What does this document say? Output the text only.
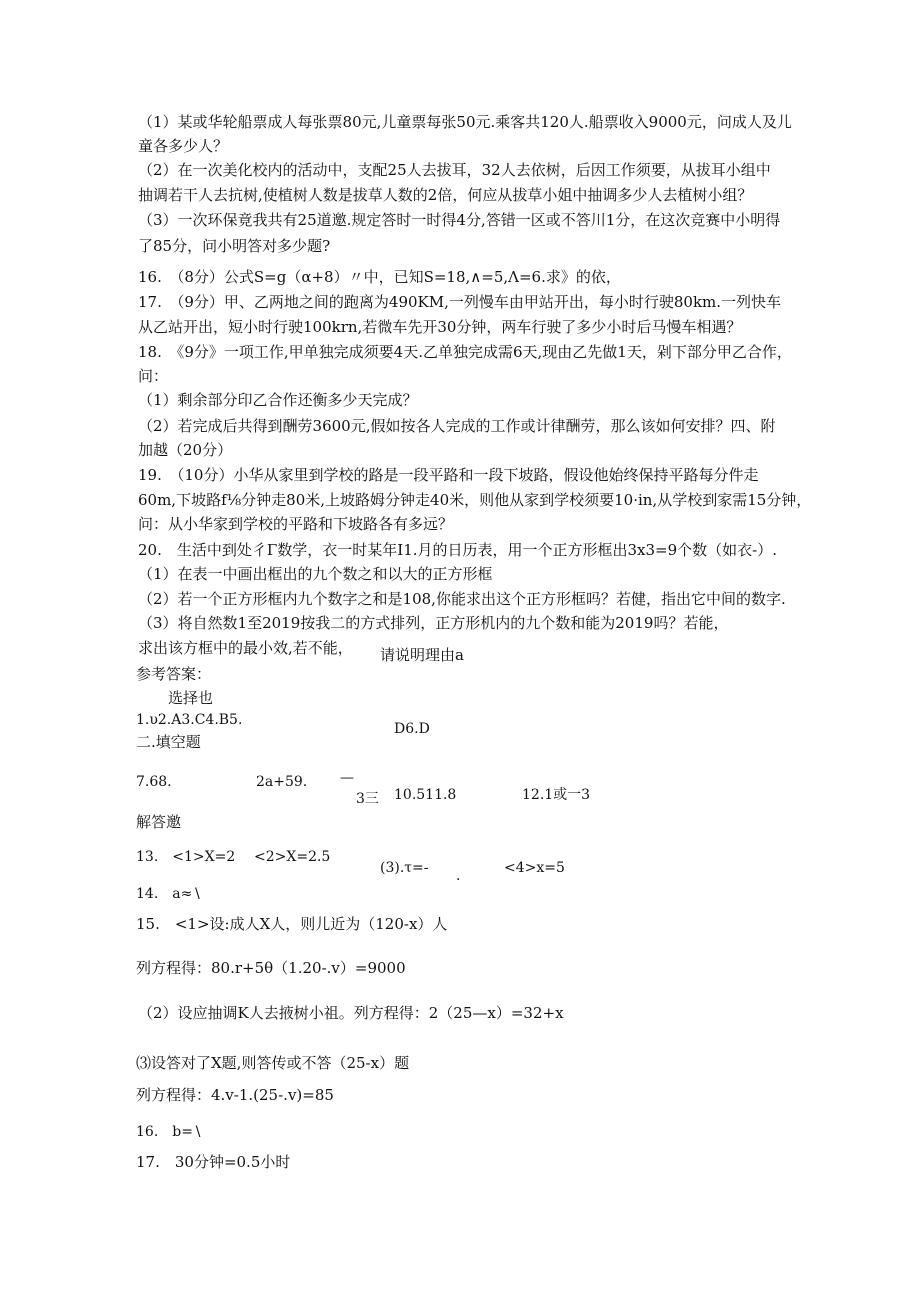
（1）某或华轮船票成人每张票80元,儿童票每张50元.乘客共120人.船票收入9000元，问成人及儿
童各多少人？
（2）在一次美化校内的活动中，支配25人去拔耳，32人去依树，后因工作须要，从拔耳小组中
抽调若干人去抗树,使植树人数是拔草人数的2倍，何应从拔草小姐中抽调多少人去植树小组？
（3）一次环保竟我共有25道邀.规定答时一时得4分,答错一区或不答川1分，在这次竞赛中小明得
了85分，问小明答对多少题?
16.　（8分）公式S=g（α+8）〃中，已知S=18,∧=5,Λ=6.求》的依，
17.　（9分）甲、乙两地之间的跑离为490KM,一列慢车由甲站开出，每小时行驶80km.一列快车
从乙站开出，短小时行驶100krn,若微车先开30分钟，两车行驶了多少小时后马慢车相遇？
18.　《9分》一项工作,甲单独完成须要4天.乙单独完成需6天,现由乙先做1天，剁下部分甲乙合作，
问：
（1）剩余部分印乙合作还衡多少天完成？
（2）若完成后共得到酬劳3600元,假如按各人完成的工作或计律酬劳，那么该如何安排？四、附
加越（20分）
19.　（10分）小华从家里到学校的路是一段平路和一段下坡路，假设他始终保持平路每分件走
60m,下坡路f⅛分钟走80米,上坡路姆分钟走40米，则他从家到学校须要10·in,从学校到家需15分钟，
问：从小华家到学校的平路和下坡路各有多远？
20.　生活中到处彳Γ数学，衣一时某年I1.月的日历表，用一个正方形框出3x3=9个数（如衣-）.
（1）在表一中画出框出的九个数之和以大的正方形框
（2）若一个正方形框内九个数字之和是108,你能求出这个正方形框吗？若健，指出它中间的数字.
（3）将自然数1至2019按我二的方式排列，正方形机内的九个数和能为2019吗？若能，
求出该方框中的最小效,若不能， 请说明理由a
参考答案：
选择也
1.υ2.A3.C4.B5.
D6.D
二.填空题
7.68.	2a+59. —
3三 10.511.8	12.1或一3
解答邀
13.　<1>X=2 <2>X=2.5
(3).τ=- .	<4>x=5
14.　a≈∖
15.　<1>设:成人X人，则儿近为（120-x）人
列方程得：80.r+5θ（1.20-.v）=9000
（2）设应抽调K人去掖树小祖。列方程得：2（25—x）=32+x
⑶设答对了X题,则答传或不答（25-x）题
列方程得：4.v-1.(25-.v)=85
16.　b=∖
17.　30分钟=0.5小时
